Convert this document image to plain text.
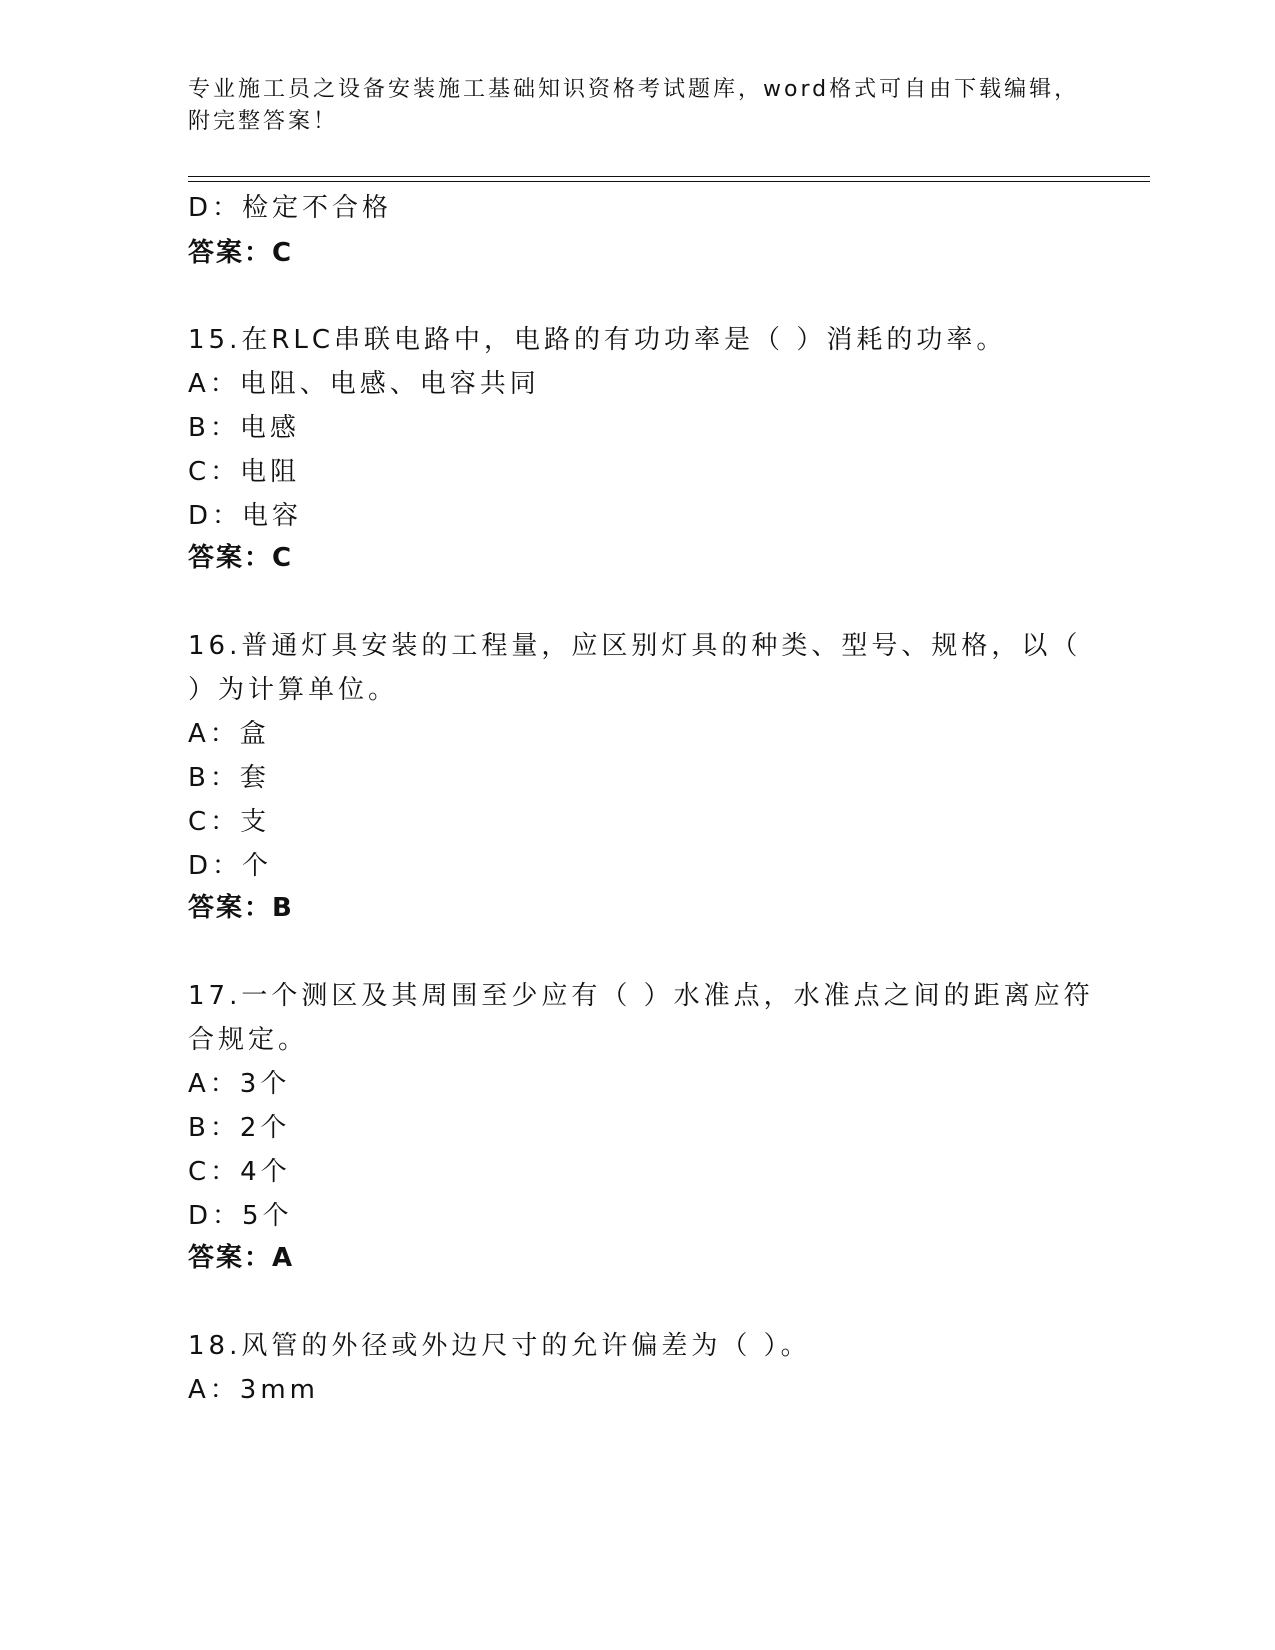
专业施工员之设备安装施工基础知识资格考试题库，word格式可自由下载编辑，
附完整答案！
D：检定不合格
答案：C
15.在RLC串联电路中，电路的有功功率是（ ）消耗的功率。
A：电阻、电感、电容共同
B：电感
C：电阻
D：电容
答案：C
16.普通灯具安装的工程量，应区别灯具的种类、型号、规格，以（
）为计算单位。
A：盒
B：套
C：支
D：个
答案：B
17.一个测区及其周围至少应有（ ）水准点，水准点之间的距离应符
合规定。
A：3个
B：2个
C：4个
D：5个
答案：A
18.风管的外径或外边尺寸的允许偏差为（ ）。
A：3mm
